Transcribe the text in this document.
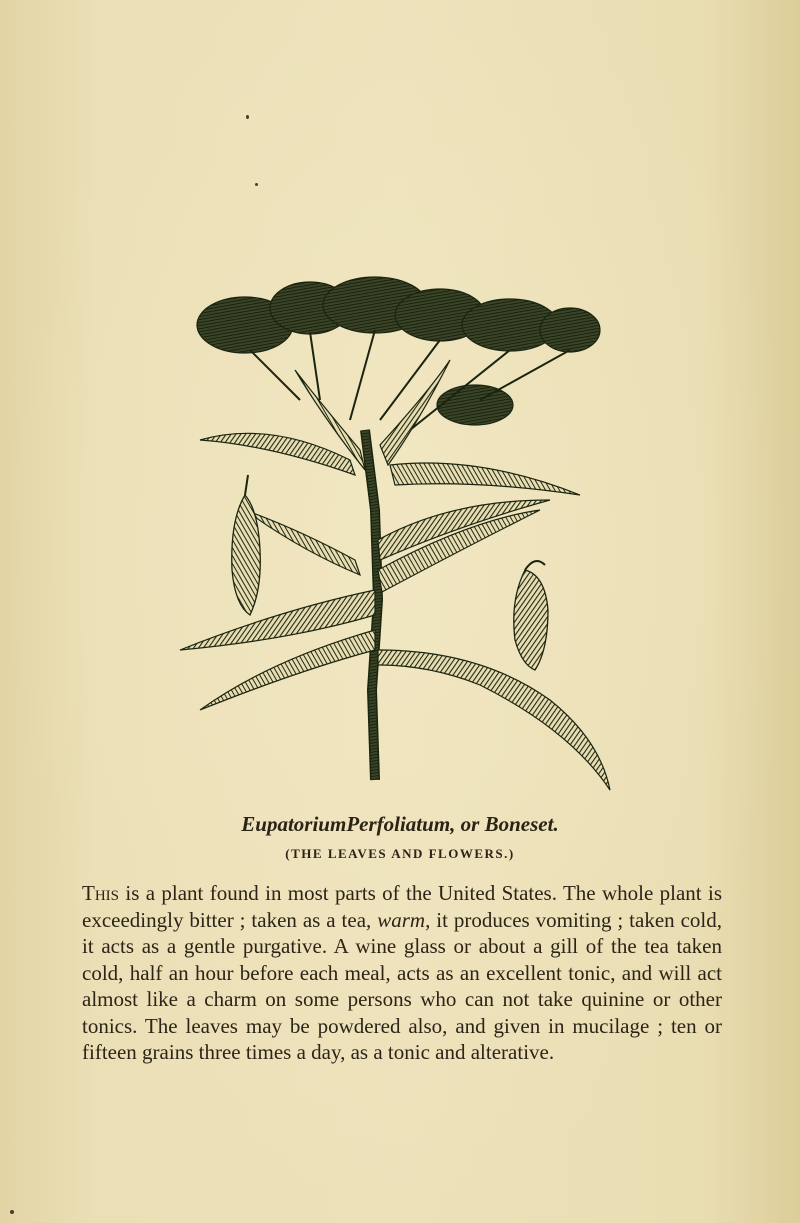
EupatoriumPerfoliatum, or Boneset.
(THE LEAVES AND FLOWERS.)

This is a plant found in most parts of the United States. The whole plant is exceedingly bitter ; taken as a tea, warm, it produces vomiting ; taken cold, it acts as a gentle purgative. A wine glass or about a gill of the tea taken cold, half an hour before each meal, acts as an excellent tonic, and will act almost like a charm on some persons who can not take quinine or other tonics. The leaves may be powdered also, and given in mucilage ; ten or fifteen grains three times a day, as a tonic and alterative.
